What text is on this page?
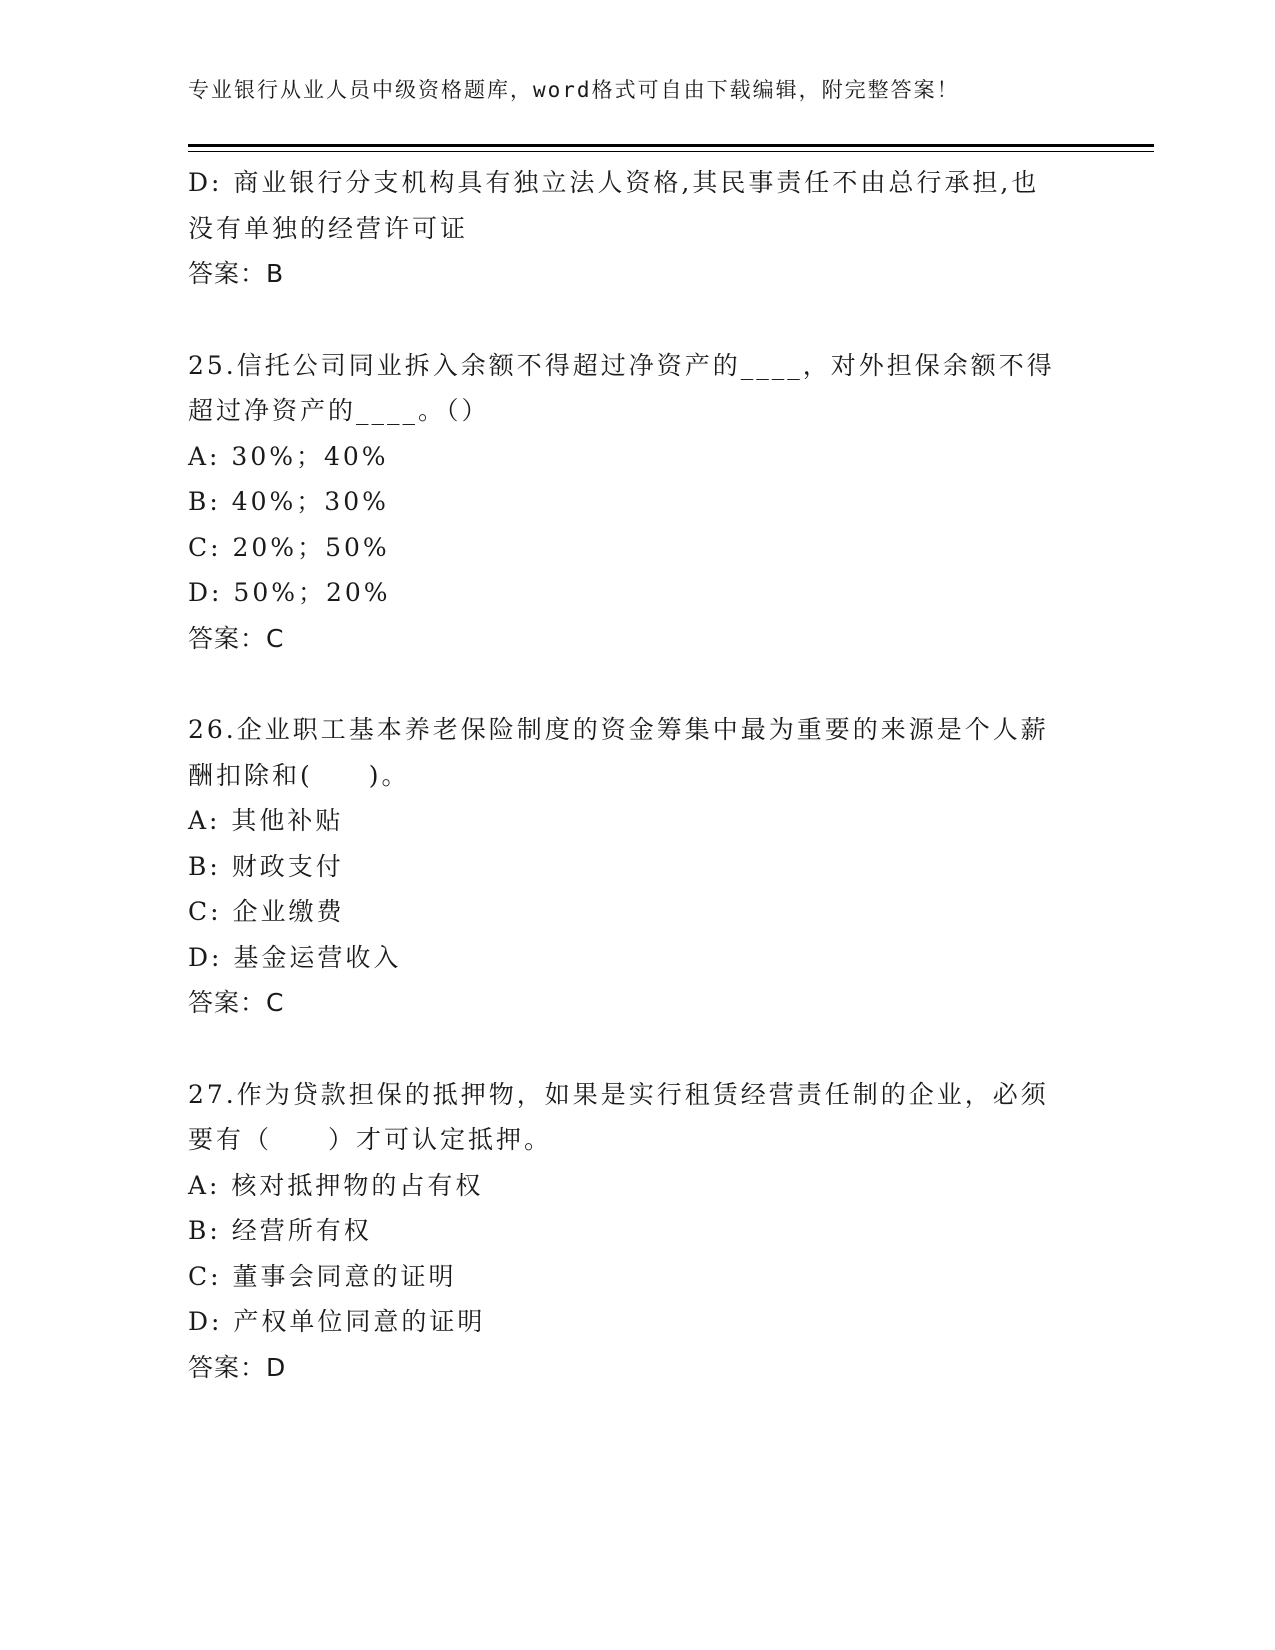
专业银行从业人员中级资格题库，word格式可自由下载编辑，附完整答案！
D: 商业银行分支机构具有独立法人资格,其民事责任不由总行承担,也
没有单独的经营许可证
答案：B
25.信托公司同业拆入余额不得超过净资产的____，对外担保余额不得
超过净资产的____。（）
A: 30%；40%
B: 40%；30%
C: 20%；50%
D: 50%；20%
答案：C
26.企业职工基本养老保险制度的资金筹集中最为重要的来源是个人薪
酬扣除和(　　)。
A: 其他补贴
B: 财政支付
C: 企业缴费
D: 基金运营收入
答案：C
27.作为贷款担保的抵押物，如果是实行租赁经营责任制的企业，必须
要有（　　）才可认定抵押。
A: 核对抵押物的占有权
B: 经营所有权
C: 董事会同意的证明
D: 产权单位同意的证明
答案：D
